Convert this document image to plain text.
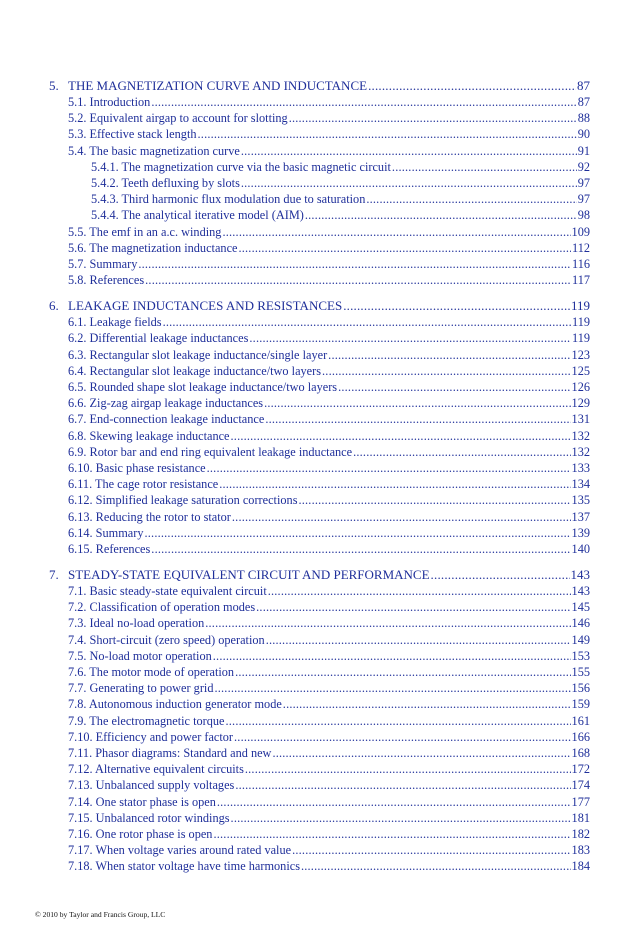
5. THE MAGNETIZATION CURVE AND INDUCTANCE .....	87
5.1. Introduction .....	87
5.2. Equivalent airgap to account for slotting .....	88
5.3. Effective stack length .....	90
5.4. The basic magnetization curve .....	91
5.4.1. The magnetization curve via the basic magnetic circuit .....	92
5.4.2. Teeth defluxing by slots .....	97
5.4.3. Third harmonic flux modulation due to saturation .....	97
5.4.4. The analytical iterative model (AIM) .....	98
5.5. The emf in an a.c. winding .....	109
5.6. The magnetization inductance .....	112
5.7. Summary .....	116
5.8. References .....	117
6. LEAKAGE INDUCTANCES AND RESISTANCES .....	119
6.1. Leakage fields .....	119
6.2. Differential leakage inductances .....	119
6.3. Rectangular slot leakage inductance/single layer .....	123
6.4. Rectangular slot leakage inductance/two layers .....	125
6.5. Rounded shape slot leakage inductance/two layers .....	126
6.6. Zig-zag airgap leakage inductances .....	129
6.7. End-connection leakage inductance .....	131
6.8. Skewing leakage inductance .....	132
6.9. Rotor bar and end ring equivalent leakage inductance .....	132
6.10. Basic phase resistance .....	133
6.11. The cage rotor resistance .....	134
6.12. Simplified leakage saturation corrections .....	135
6.13. Reducing the rotor to stator .....	137
6.14. Summary .....	139
6.15. References .....	140
7. STEADY-STATE EQUIVALENT CIRCUIT AND PERFORMANCE .....	143
7.1. Basic steady-state equivalent circuit .....	143
7.2. Classification of operation modes .....	145
7.3. Ideal no-load operation .....	146
7.4. Short-circuit (zero speed) operation .....	149
7.5. No-load motor operation .....	153
7.6. The motor mode of operation .....	155
7.7. Generating to power grid .....	156
7.8. Autonomous induction generator mode .....	159
7.9. The electromagnetic torque .....	161
7.10. Efficiency and power factor .....	166
7.11. Phasor diagrams: Standard and new .....	168
7.12. Alternative equivalent circuits .....	172
7.13. Unbalanced supply voltages .....	174
7.14. One stator phase is open .....	177
7.15. Unbalanced rotor windings .....	181
7.16. One rotor phase is open .....	182
7.17. When voltage varies around rated value .....	183
7.18. When stator voltage have time harmonics .....	184
© 2010 by Taylor and Francis Group, LLC
